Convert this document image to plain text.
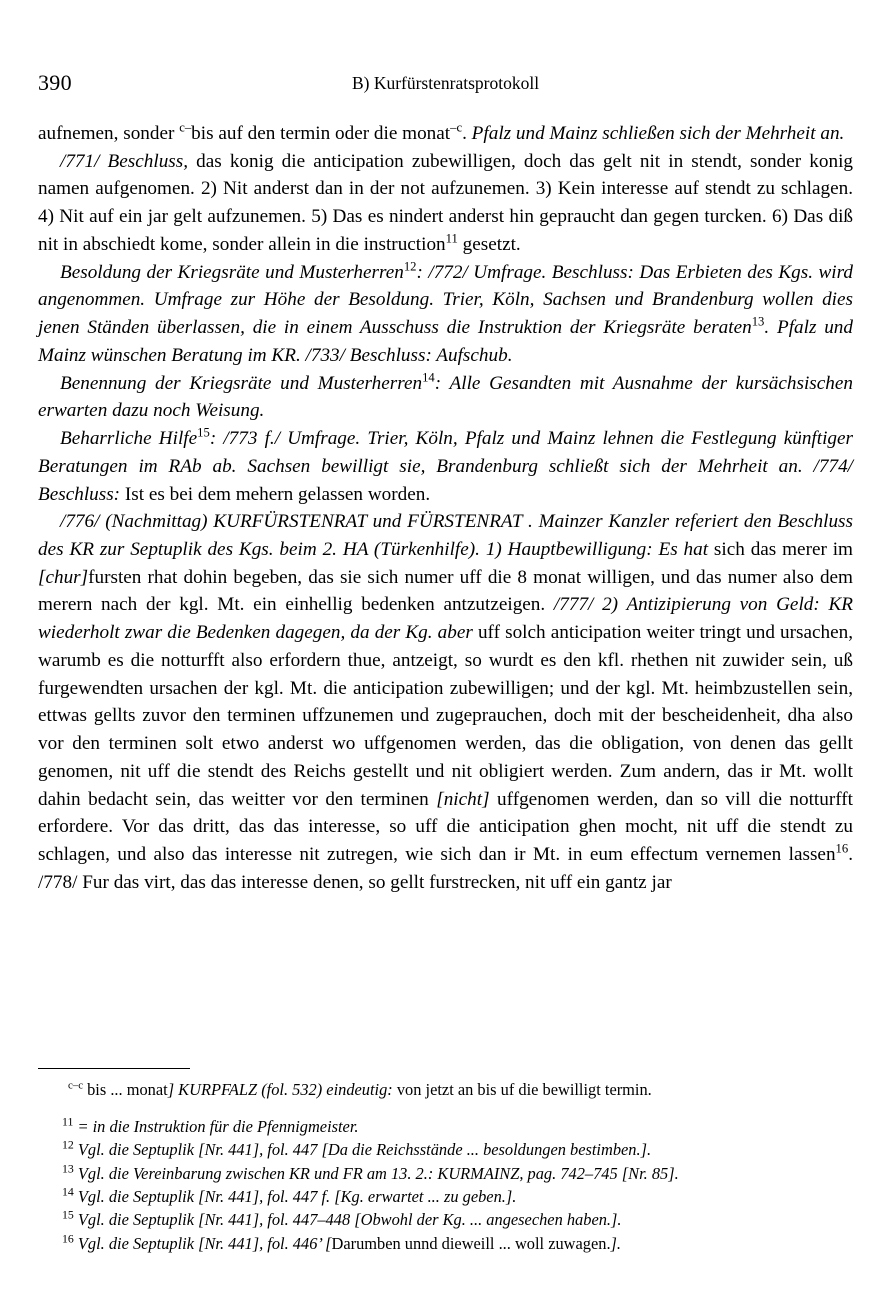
390	B) Kurfürstenratsprotokoll

aufnemen, sonder $^{c-}$bis auf den termin oder die monat$^{-c}$. Pfalz und Mainz schließen sich der Mehrheit an.

/771/ Beschluss, das konig die anticipation zubewilligen, doch das gelt nit in stendt, sonder konig namen aufgenomen. 2) Nit anderst dan in der not aufzunemen. 3) Kein interesse auf stendt zu schlagen. 4) Nit auf ein jar gelt aufzunemen. 5) Das es nindert anderst hin gepraucht dan gegen turcken. 6) Das diß nit in abschiedt kome, sonder allein in die instruction$^{11}$ gesetzt.

Besoldung der Kriegsräte und Musterherren$^{12}$: /772/ Umfrage. Beschluss: Das Erbieten des Kgs. wird angenommen. Umfrage zur Höhe der Besoldung. Trier, Köln, Sachsen und Brandenburg wollen dies jenen Ständen überlassen, die in einem Ausschuss die Instruktion der Kriegsräte beraten$^{13}$. Pfalz und Mainz wünschen Beratung im KR. /733/ Beschluss: Aufschub.

Benennung der Kriegsräte und Musterherren$^{14}$: Alle Gesandten mit Ausnahme der kursächsischen erwarten dazu noch Weisung.

Beharrliche Hilfe$^{15}$: /773 f./ Umfrage. Trier, Köln, Pfalz und Mainz lehnen die Festlegung künftiger Beratungen im RAb ab. Sachsen bewilligt sie, Brandenburg schließt sich der Mehrheit an. /774/ Beschluss: Ist es bei dem mehern gelassen worden.

/776/ (Nachmittag) KURFÜRSTENRAT und FÜRSTENRAT . Mainzer Kanzler referiert den Beschluss des KR zur Septuplik des Kgs. beim 2. HA (Türkenhilfe). 1) Hauptbewilligung: Es hat sich das merer im [chur]fursten rhat dohin begeben, das sie sich numer uff die 8 monat willigen, und das numer also dem merern nach der kgl. Mt. ein einhellig bedenken antzutzeigen. /777/ 2) Antizipierung von Geld: KR wiederholt zwar die Bedenken dagegen, da der Kg. aber uff solch anticipation weiter tringt und ursachen, warumb es die notturfft also erfordern thue, antzeigt, so wurdt es den kfl. rhethen nit zuwider sein, uß furgewendten ursachen der kgl. Mt. die anticipation zubewilligen; und der kgl. Mt. heimbzustellen sein, ettwas gellts zuvor den terminen uffzunemen und zugeprauchen, doch mit der bescheidenheit, dha also vor den terminen solt etwo anderst wo uffgenomen werden, das die obligation, von denen das gellt genomen, nit uff die stendt des Reichs gestellt und nit obligiert werden. Zum andern, das ir Mt. wollt dahin bedacht sein, das weitter vor den terminen [nicht] uffgenomen werden, dan so vill die notturfft erfordere. Vor das dritt, das das interesse, so uff die anticipation ghen mocht, nit uff die stendt zu schlagen, und also das interesse nit zutregen, wie sich dan ir Mt. in eum effectum vernemen lassen$^{16}$. /778/ Fur das virt, das das interesse denen, so gellt furstrecken, nit uff ein gantz jar

$^{c-c}$ bis ... monat] KURPFALZ (fol. 532) eindeutig: von jetzt an bis uf die bewilligt termin.
$^{11}$ = in die Instruktion für die Pfennigmeister.
$^{12}$ Vgl. die Septuplik [Nr. 441], fol. 447 [Da die Reichsstände ... besoldungen bestimben.].
$^{13}$ Vgl. die Vereinbarung zwischen KR und FR am 13. 2.: KURMAINZ, pag. 742–745 [Nr. 85].
$^{14}$ Vgl. die Septuplik [Nr. 441], fol. 447 f. [Kg. erwartet ... zu geben.].
$^{15}$ Vgl. die Septuplik [Nr. 441], fol. 447–448 [Obwohl der Kg. ... angesechen haben.].
$^{16}$ Vgl. die Septuplik [Nr. 441], fol. 446’ [Darumben unnd dieweill ... woll zuwagen.].
